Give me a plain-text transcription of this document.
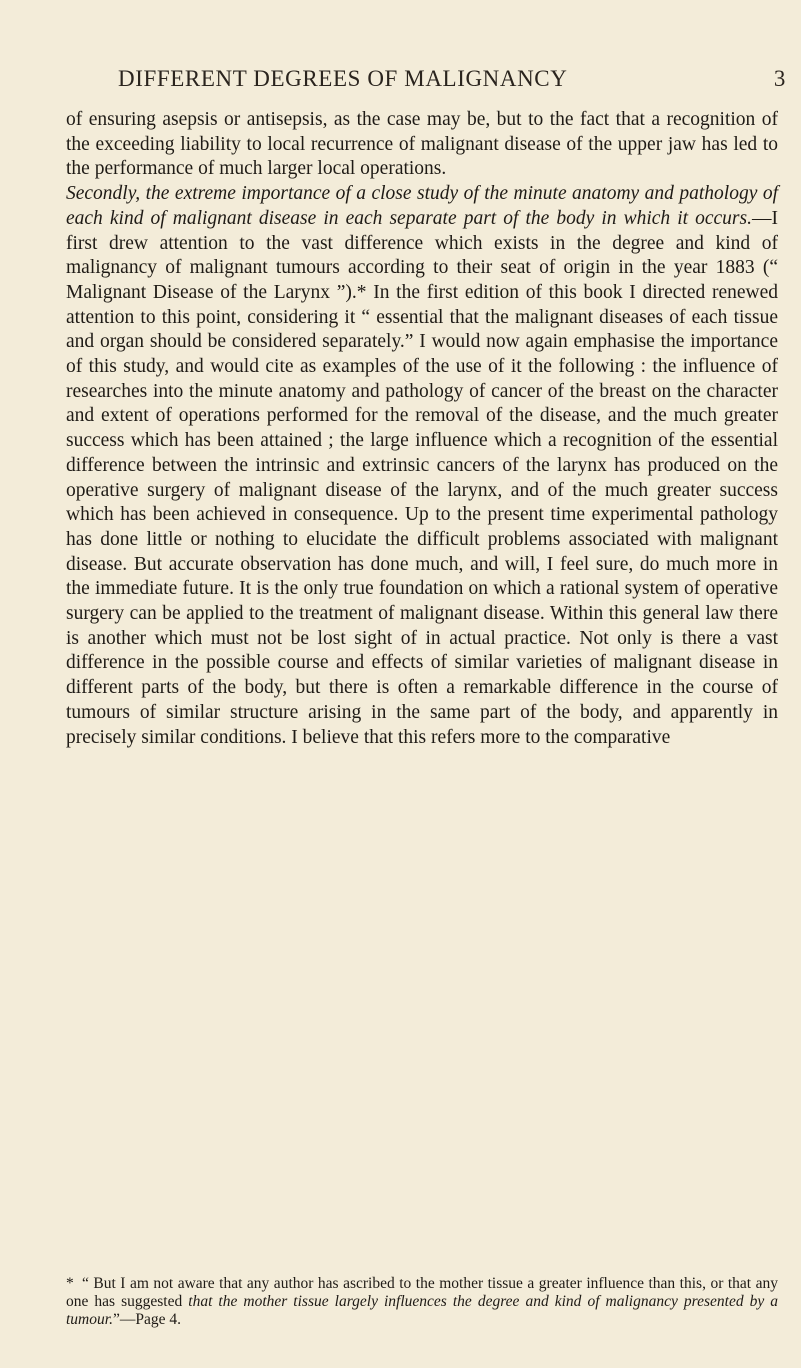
DIFFERENT DEGREES OF MALIGNANCY	3

of ensuring asepsis or antisepsis, as the case may be, but to the fact that a recognition of the exceeding liability to local recurrence of malignant disease of the upper jaw has led to the performance of much larger local operations.

Secondly, the extreme importance of a close study of the minute anatomy and pathology of each kind of malignant disease in each separate part of the body in which it occurs.—I first drew attention to the vast difference which exists in the degree and kind of malignancy of malignant tumours according to their seat of origin in the year 1883 (“ Malignant Disease of the Larynx ”).* In the first edition of this book I directed renewed attention to this point, considering it “ essential that the malignant diseases of each tissue and organ should be considered separately.” I would now again emphasise the importance of this study, and would cite as examples of the use of it the following : the influence of researches into the minute anatomy and pathology of cancer of the breast on the character and extent of operations performed for the removal of the disease, and the much greater success which has been attained ; the large influence which a recognition of the essential difference between the intrinsic and extrinsic cancers of the larynx has produced on the operative surgery of malignant disease of the larynx, and of the much greater success which has been achieved in consequence. Up to the present time experimental pathology has done little or nothing to elucidate the difficult problems associated with malignant disease. But accurate observation has done much, and will, I feel sure, do much more in the immediate future. It is the only true foundation on which a rational system of operative surgery can be applied to the treatment of malignant disease. Within this general law there is another which must not be lost sight of in actual practice. Not only is there a vast difference in the possible course and effects of similar varieties of malignant disease in different parts of the body, but there is often a remarkable difference in the course of tumours of similar structure arising in the same part of the body, and apparently in precisely similar conditions. I believe that this refers more to the comparative

* “ But I am not aware that any author has ascribed to the mother tissue a greater influence than this, or that any one has suggested that the mother tissue largely influences the degree and kind of malignancy presented by a tumour.”—Page 4.
